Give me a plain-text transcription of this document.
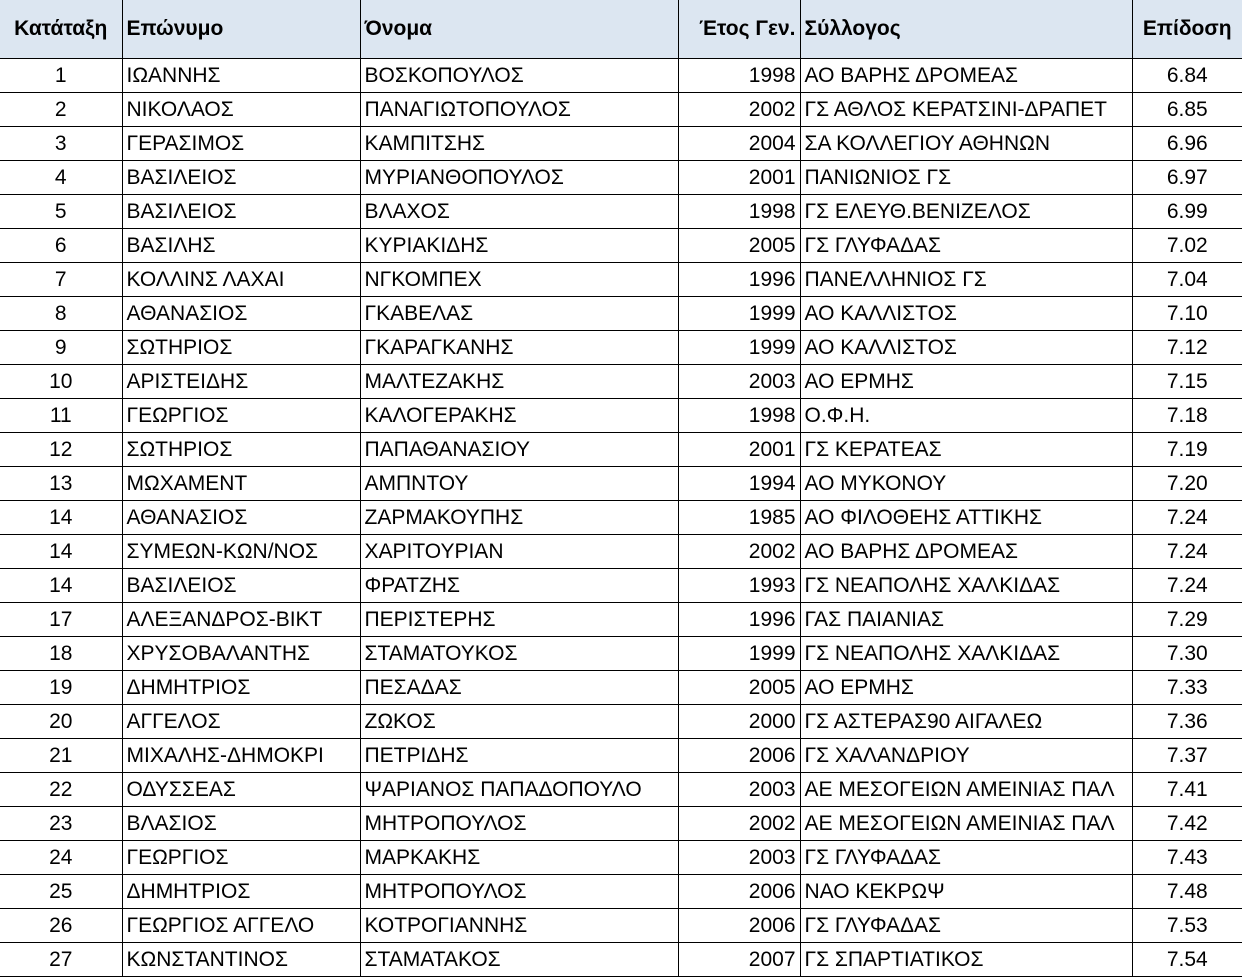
Κατάταξη	Επώνυμο	Όνομα	Έτος Γεν.	Σύλλογος	Επίδοση
1	ΙΩΑΝΝΗΣ	ΒΟΣΚΟΠΟΥΛΟΣ	1998	ΑΟ ΒΑΡΗΣ ΔΡΟΜΕΑΣ	6.84
2	ΝΙΚΟΛΑΟΣ	ΠΑΝΑΓΙΩΤΟΠΟΥΛΟΣ	2002	ΓΣ ΑΘΛΟΣ ΚΕΡΑΤΣΙΝΙ-ΔΡΑΠΕΤ	6.85
3	ΓΕΡΑΣΙΜΟΣ	ΚΑΜΠΙΤΣΗΣ	2004	ΣΑ ΚΟΛΛΕΓΙΟΥ ΑΘΗΝΩΝ	6.96
4	ΒΑΣΙΛΕΙΟΣ	ΜΥΡΙΑΝΘΟΠΟΥΛΟΣ	2001	ΠΑΝΙΩΝΙΟΣ ΓΣ	6.97
5	ΒΑΣΙΛΕΙΟΣ	ΒΛΑΧΟΣ	1998	ΓΣ ΕΛΕΥΘ.ΒΕΝΙΖΕΛΟΣ	6.99
6	ΒΑΣΙΛΗΣ	ΚΥΡΙΑΚΙΔΗΣ	2005	ΓΣ ΓΛΥΦΑΔΑΣ	7.02
7	ΚΟΛΛΙΝΣ ΛΑΧΑΙ	ΝΓΚΟΜΠΕΧ	1996	ΠΑΝΕΛΛΗΝΙΟΣ ΓΣ	7.04
8	ΑΘΑΝΑΣΙΟΣ	ΓΚΑΒΕΛΑΣ	1999	ΑΟ ΚΑΛΛΙΣΤΟΣ	7.10
9	ΣΩΤΗΡΙΟΣ	ΓΚΑΡΑΓΚΑΝΗΣ	1999	ΑΟ ΚΑΛΛΙΣΤΟΣ	7.12
10	ΑΡΙΣΤΕΙΔΗΣ	ΜΑΛΤΕΖΑΚΗΣ	2003	ΑΟ ΕΡΜΗΣ	7.15
11	ΓΕΩΡΓΙΟΣ	ΚΑΛΟΓΕΡΑΚΗΣ	1998	Ο.Φ.Η.	7.18
12	ΣΩΤΗΡΙΟΣ	ΠΑΠΑΘΑΝΑΣΙΟΥ	2001	ΓΣ ΚΕΡΑΤΕΑΣ	7.19
13	ΜΩΧΑΜΕΝΤ	ΑΜΠΝΤΟΥ	1994	ΑΟ ΜΥΚΟΝΟΥ	7.20
14	ΑΘΑΝΑΣΙΟΣ	ΖΑΡΜΑΚΟΥΠΗΣ	1985	ΑΟ ΦΙΛΟΘΕΗΣ ΑΤΤΙΚΗΣ	7.24
14	ΣΥΜΕΩΝ-ΚΩΝ/ΝΟΣ	ΧΑΡΙΤΟΥΡΙΑΝ	2002	ΑΟ ΒΑΡΗΣ ΔΡΟΜΕΑΣ	7.24
14	ΒΑΣΙΛΕΙΟΣ	ΦΡΑΤΖΗΣ	1993	ΓΣ ΝΕΑΠΟΛΗΣ ΧΑΛΚΙΔΑΣ	7.24
17	ΑΛΕΞΑΝΔΡΟΣ-ΒΙΚΤ	ΠΕΡΙΣΤΕΡΗΣ	1996	ΓΑΣ ΠΑΙΑΝΙΑΣ	7.29
18	ΧΡΥΣΟΒΑΛΑΝΤΗΣ	ΣΤΑΜΑΤΟΥΚΟΣ	1999	ΓΣ ΝΕΑΠΟΛΗΣ ΧΑΛΚΙΔΑΣ	7.30
19	ΔΗΜΗΤΡΙΟΣ	ΠΕΣΑΔΑΣ	2005	ΑΟ ΕΡΜΗΣ	7.33
20	ΑΓΓΕΛΟΣ	ΖΩΚΟΣ	2000	ΓΣ ΑΣΤΕΡΑΣ90 ΑΙΓΑΛΕΩ	7.36
21	ΜΙΧΑΛΗΣ-ΔΗΜΟΚΡΙ	ΠΕΤΡΙΔΗΣ	2006	ΓΣ ΧΑΛΑΝΔΡΙΟΥ	7.37
22	ΟΔΥΣΣΕΑΣ	ΨΑΡΙΑΝΟΣ ΠΑΠΑΔΟΠΟΥΛΟ	2003	ΑΕ ΜΕΣΟΓΕΙΩΝ ΑΜΕΙΝΙΑΣ ΠΑΛ	7.41
23	ΒΛΑΣΙΟΣ	ΜΗΤΡΟΠΟΥΛΟΣ	2002	ΑΕ ΜΕΣΟΓΕΙΩΝ ΑΜΕΙΝΙΑΣ ΠΑΛ	7.42
24	ΓΕΩΡΓΙΟΣ	ΜΑΡΚΑΚΗΣ	2003	ΓΣ ΓΛΥΦΑΔΑΣ	7.43
25	ΔΗΜΗΤΡΙΟΣ	ΜΗΤΡΟΠΟΥΛΟΣ	2006	ΝΑΟ ΚΕΚΡΩΨ	7.48
26	ΓΕΩΡΓΙΟΣ ΑΓΓΕΛΟ	ΚΟΤΡΟΓΙΑΝΝΗΣ	2006	ΓΣ ΓΛΥΦΑΔΑΣ	7.53
27	ΚΩΝΣΤΑΝΤΙΝΟΣ	ΣΤΑΜΑΤΑΚΟΣ	2007	ΓΣ ΣΠΑΡΤΙΑΤΙΚΟΣ	7.54
